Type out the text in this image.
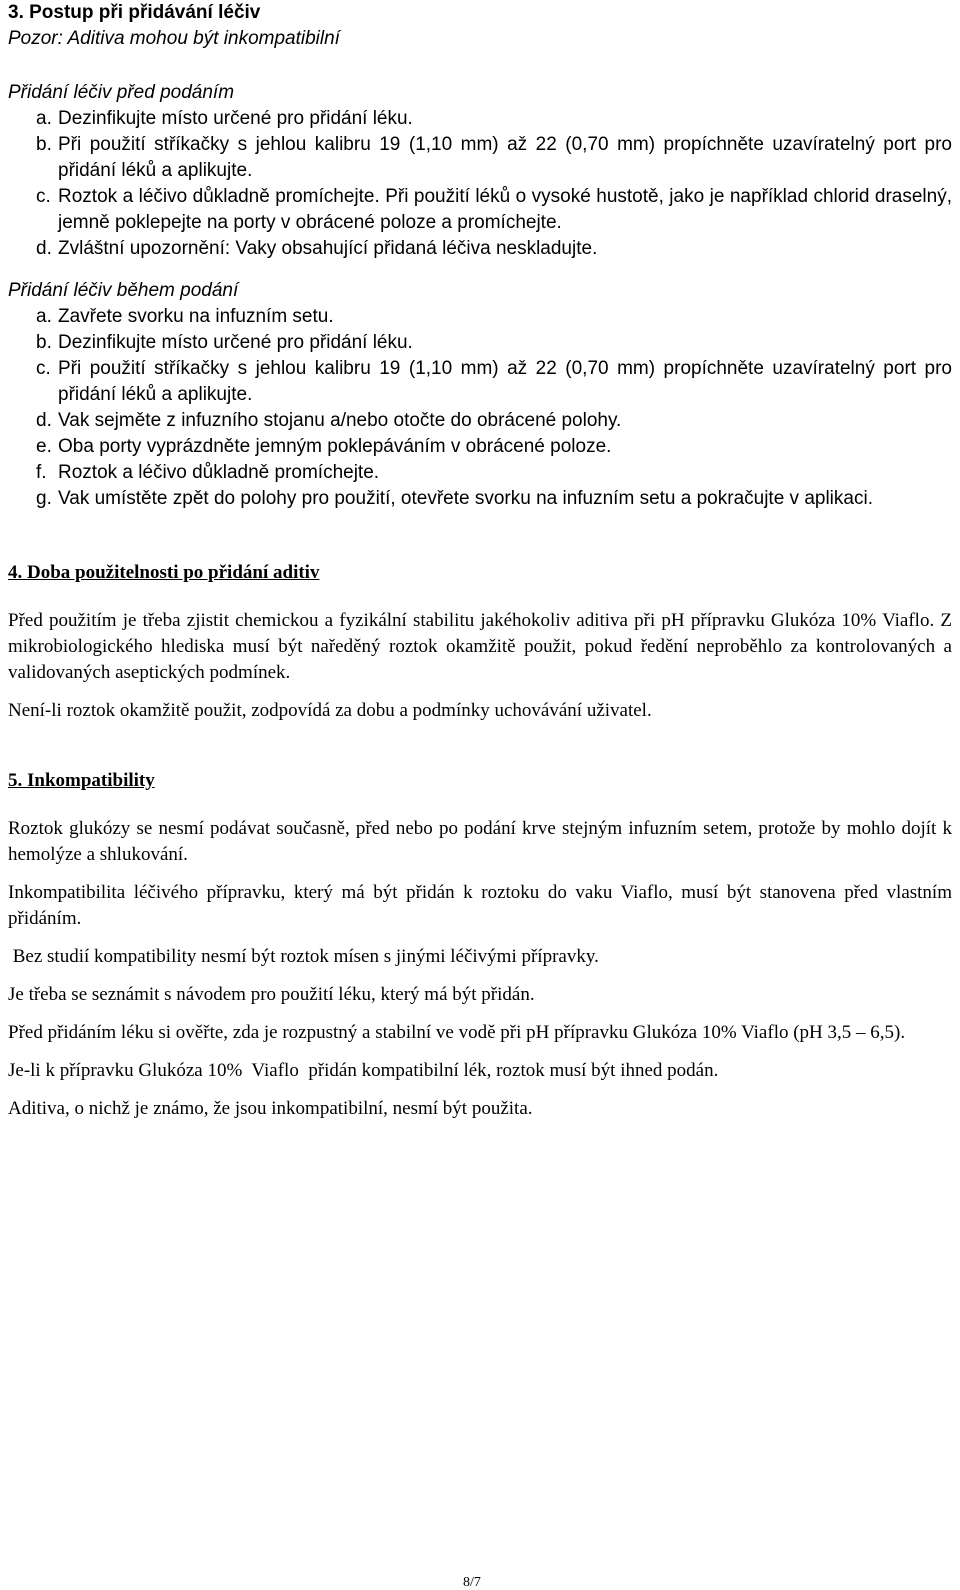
3. Postup při přidávání léčiv

Pozor: Aditiva mohou být inkompatibilní

Přidání léčiv před podáním

a. Dezinfikujte místo určené pro přidání léku.
b. Při použití stříkačky s jehlou kalibru 19 (1,10 mm) až 22 (0,70 mm) propíchněte uzavíratelný port pro přidání léků a aplikujte.
c. Roztok a léčivo důkladně promíchejte. Při použití léků o vysoké hustotě, jako je například chlorid draselný, jemně poklepejte na porty v obrácené poloze a promíchejte.
d. Zvláštní upozornění: Vaky obsahující přidaná léčiva neskladujte.

Přidání léčiv během podání

a. Zavřete svorku na infuzním setu.
b. Dezinfikujte místo určené pro přidání léku.
c. Při použití stříkačky s jehlou kalibru 19 (1,10 mm) až 22 (0,70 mm) propíchněte uzavíratelný port pro přidání léků a aplikujte.
d. Vak sejměte z infuzního stojanu a/nebo otočte do obrácené polohy.
e. Oba porty vyprázdněte jemným poklepáváním v obrácené poloze.
f. Roztok a léčivo důkladně promíchejte.
g. Vak umístěte zpět do polohy pro použití, otevřete svorku na infuzním setu a pokračujte v aplikaci.

4. Doba použitelnosti po přidání aditiv

Před použitím je třeba zjistit chemickou a fyzikální stabilitu jakéhokoliv aditiva při pH přípravku Glukóza 10% Viaflo. Z mikrobiologického hlediska musí být naředěný roztok okamžitě použit, pokud ředění neproběhlo za kontrolovaných a validovaných aseptických podmínek.

Není-li roztok okamžitě použit, zodpovídá za dobu a podmínky uchovávání uživatel.

5. Inkompatibility

Roztok glukózy se nesmí podávat současně, před nebo po podání krve stejným infuzním setem, protože by mohlo dojít k hemolýze a shlukování.

Inkompatibilita léčivého přípravku, který má být přidán k roztoku do vaku Viaflo, musí být stanovena před vlastním přidáním.

Bez studií kompatibility nesmí být roztok mísen s jinými léčivými přípravky.

Je třeba se seznámit s návodem pro použití léku, který má být přidán.

Před přidáním léku si ověřte, zda je rozpustný a stabilní ve vodě při pH přípravku Glukóza 10% Viaflo (pH 3,5 – 6,5).

Je-li k přípravku Glukóza 10%  Viaflo  přidán kompatibilní lék, roztok musí být ihned podán.

Aditiva, o nichž je známo, že jsou inkompatibilní, nesmí být použita.

8/7
